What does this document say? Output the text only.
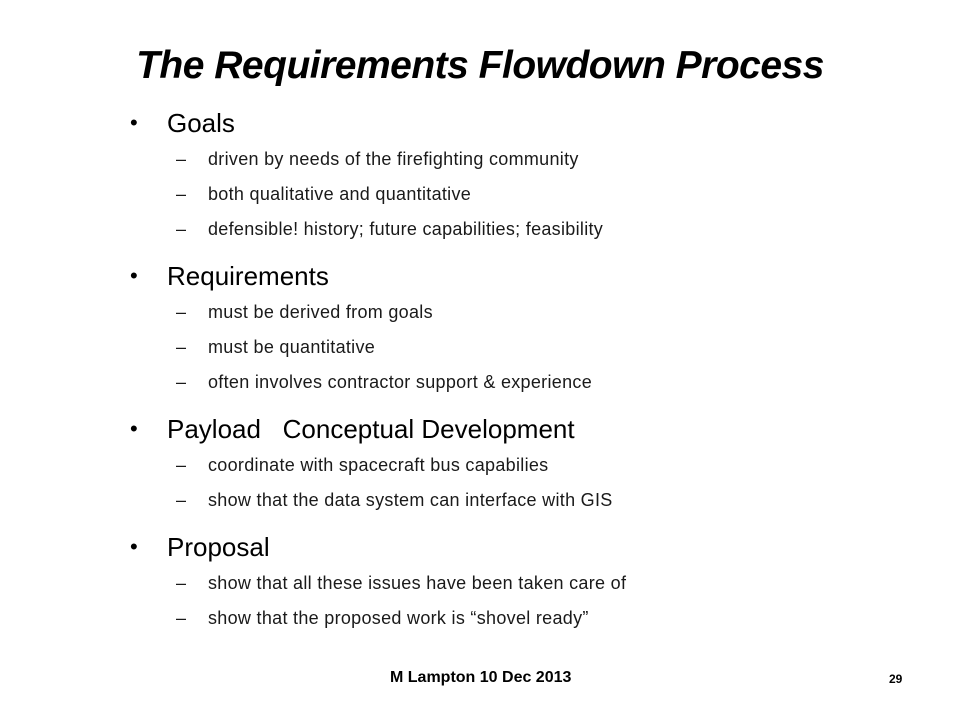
The Requirements Flowdown Process
• Goals
– driven by needs of the firefighting community
– both qualitative and quantitative
– defensible! history; future capabilities; feasibility
• Requirements
– must be derived from goals
– must be quantitative
– often involves contractor support & experience
• Payload   Conceptual Development
– coordinate with spacecraft bus capabilies
– show that the data system can interface with GIS
• Proposal
– show that all these issues have been taken care of
– show that the proposed work is “shovel ready”
M Lampton 10 Dec 2013	29
